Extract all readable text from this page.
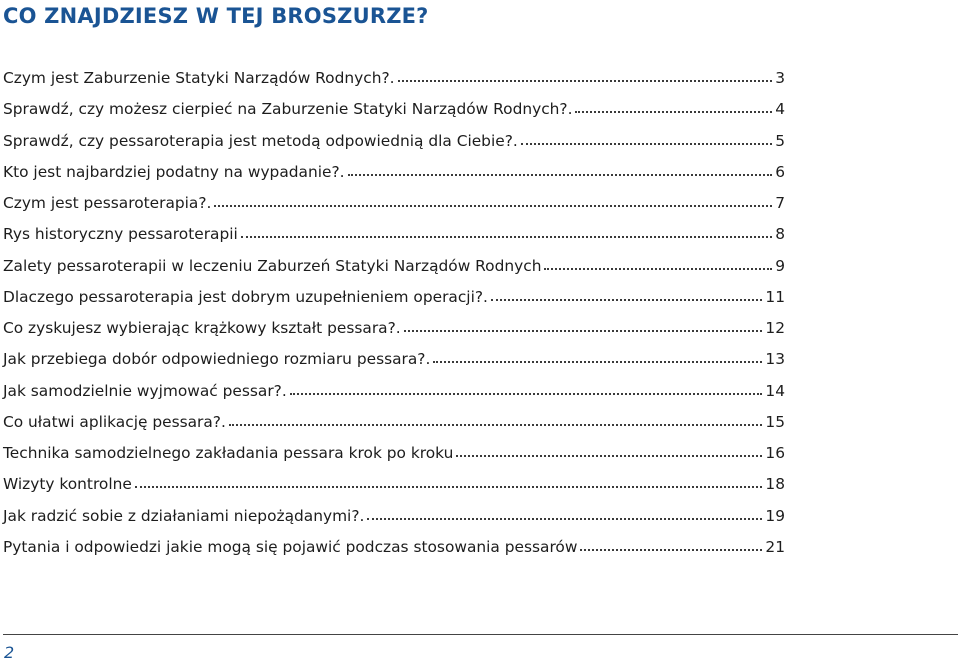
CO ZNAJDZIESZ W TEJ BROSZURZE?
Czym jest Zaburzenie Statyki Narządów Rodnych?.	3
Sprawdź, czy możesz cierpieć na Zaburzenie Statyki Narządów Rodnych?.	4
Sprawdź, czy pessaroterapia jest metodą odpowiednią dla Ciebie?.	5
Kto jest najbardziej podatny na wypadanie?.	6
Czym jest pessaroterapia?.	7
Rys historyczny pessaroterapii	8
Zalety pessaroterapii w leczeniu Zaburzeń Statyki Narządów Rodnych	9
Dlaczego pessaroterapia jest dobrym uzupełnieniem operacji?.	11
Co zyskujesz wybierając krążkowy kształt pessara?.	12
Jak przebiega dobór odpowiedniego rozmiaru pessara?.	13
Jak samodzielnie wyjmować pessar?.	14
Co ułatwi aplikację pessara?.	15
Technika samodzielnego zakładania pessara krok po kroku	16
Wizyty kontrolne	18
Jak radzić sobie z działaniami niepożądanymi?.	19
Pytania i odpowiedzi jakie mogą się pojawić podczas stosowania pessarów	21
2
